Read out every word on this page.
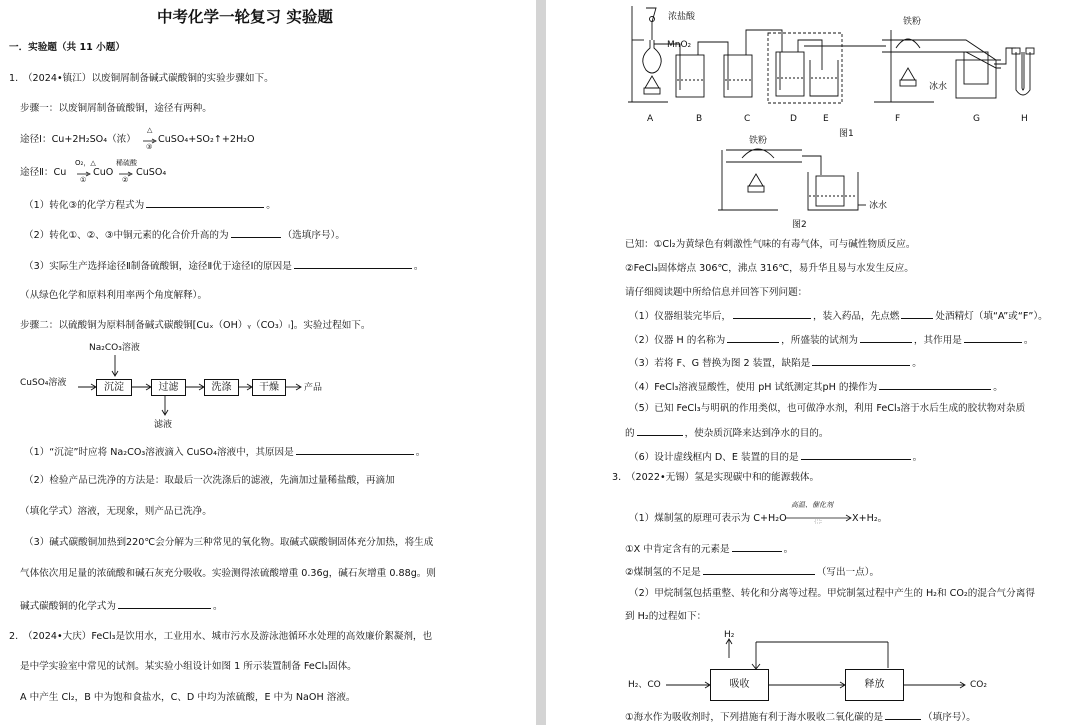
中考化学一轮复习 实验题
一．实验题（共 11 小题）
1.　（2024•镇江）以废铜屑制备碱式碳酸铜的实验步骤如下。
步骤一：以废铜屑制备硫酸铜，途径有两种。
途径Ⅰ：Cu+2H₂SO₄（浓）
△
③
CuSO₄+SO₂↑+2H₂O
途径Ⅱ：Cu
O₂，△
①
CuO
稀硫酸
②
CuSO₄
（1）转化③的化学方程式为	。
（2）转化①、②、③中铜元素的化合价升高的为	（选填序号）。
（3）实际生产选择途径Ⅱ制备硫酸铜，途径Ⅱ优于途径Ⅰ的原因是	。
（从绿色化学和原料利用率两个角度解释）。
步骤二：以硫酸铜为原料制备碱式碳酸铜[Cuₓ（OH）ᵧ（CO₃）ᵢ]。实验过程如下。
Na₂CO₃溶液
CuSO₄溶液	沉淀	过滤	洗涤	干燥	产品
滤液
（1）“沉淀”时应将 Na₂CO₃溶液滴入 CuSO₄溶液中，其原因是	。
（2）检验产品已洗净的方法是：取最后一次洗涤后的滤液，先滴加过量稀盐酸，再滴加
（填化学式）溶液，无现象，则产品已洗净。
（3）碱式碳酸铜加热到220℃会分解为三种常见的氧化物。取碱式碳酸铜固体充分加热，将生成
气体依次用足量的浓硫酸和碱石灰充分吸收。实验测得浓硫酸增重 0.36g，碱石灰增重 0.88g。则
碱式碳酸铜的化学式为	。
2.　（2024•大庆）FeCl₃是饮用水，工业用水、城市污水及游泳池循环水处理的高效廉价絮凝剂，也
是中学实验室中常见的试剂。某实验小组设计如图 1 所示装置制备 FeCl₃固体。
A 中产生 Cl₂，B 中为饱和食盐水，C、D 中均为浓硫酸，E 中为 NaOH 溶液。
浓盐酸
MnO₂
铁粉
冰水
A	B	C	D	E	F	G	H
图1
铁粉
冰水
图2
已知：①Cl₂为黄绿色有刺激性气味的有毒气体，可与碱性物质反应。
②FeCl₃固体熔点 306℃，沸点 316℃，易升华且易与水发生反应。
请仔细阅读题中所给信息并回答下列问题：
（1）仪器组装完毕后，	，装入药品，先点燃	处酒精灯（填“A”或“F”）。
（2）仪器 H 的名称为	，所盛装的试剂为	，其作用是	。
（3）若将 F、G 替换为图 2 装置，缺陷是	。
（4）FeCl₃溶液显酸性，使用 pH 试纸测定其pH 的操作为	。
（5）已知 FeCl₃与明矾的作用类似，也可做净水剂，利用 FeCl₃溶于水后生成的胶状物对杂质
的	，使杂质沉降来达到净水的目的。
（6）设计虚线框内 D、E 装置的目的是	。
3.　（2022•无锡）氢是实现碳中和的能源载体。
高温、催化剂
（1）煤制氢的原理可表示为 C+H₂O	X+H₂。
①X 中肯定含有的元素是	。
②煤制氢的不足是	（写出一点）。
（2）甲烷制氢包括重整、转化和分离等过程。甲烷制氢过程中产生的 H₂和 CO₂的混合气分离得
到 H₂的过程如下：
H₂
H₂、CO	吸收	释放	CO₂
①海水作为吸收剂时，下列措施有利于海水吸收二氧化碳的是	（填序号）。
